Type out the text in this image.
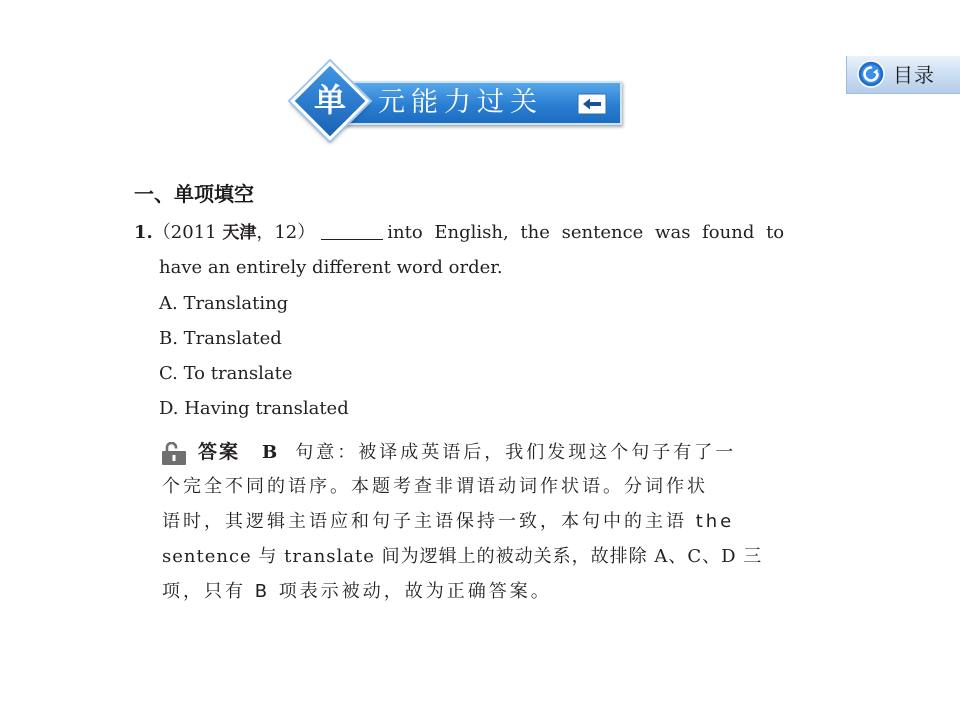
目录
单 元能力过关
一、单项填空
1.（2011 天津，12）	into English, the sentence was found to
have an entirely different word order.
A. Translating
B. Translated
C. To translate
D. Having translated
答案 B 句意：被译成英语后，我们发现这个句子有了一
个完全不同的语序。本题考查非谓语动词作状语。分词作状
语时，其逻辑主语应和句子主语保持一致，本句中的主语 the
sentence 与 translate 间为逻辑上的被动关系，故排除 A、C、D 三
项，只有 B 项表示被动，故为正确答案。
